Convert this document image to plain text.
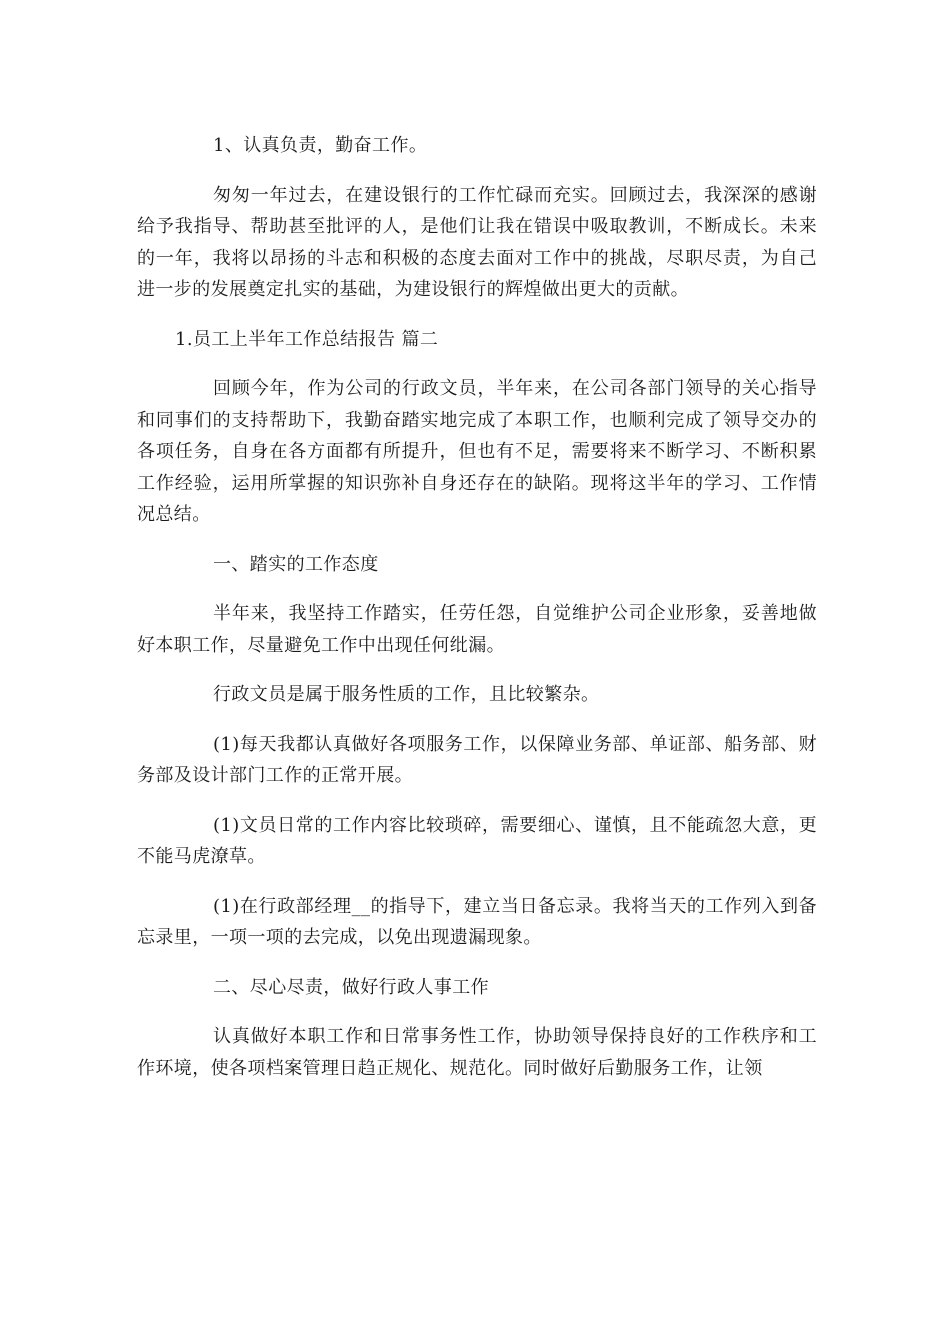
1、认真负责，勤奋工作。

匆匆一年过去，在建设银行的工作忙碌而充实。回顾过去，我深深的感谢给予我指导、帮助甚至批评的人，是他们让我在错误中吸取教训，不断成长。未来的一年，我将以昂扬的斗志和积极的态度去面对工作中的挑战，尽职尽责，为自己进一步的发展奠定扎实的基础，为建设银行的辉煌做出更大的贡献。

1.员工上半年工作总结报告 篇二

回顾今年，作为公司的行政文员，半年来，在公司各部门领导的关心指导和同事们的支持帮助下，我勤奋踏实地完成了本职工作，也顺利完成了领导交办的各项任务，自身在各方面都有所提升，但也有不足，需要将来不断学习、不断积累工作经验，运用所掌握的知识弥补自身还存在的缺陷。现将这半年的学习、工作情况总结。

一、踏实的工作态度

半年来，我坚持工作踏实，任劳任怨，自觉维护公司企业形象，妥善地做好本职工作，尽量避免工作中出现任何纰漏。

行政文员是属于服务性质的工作，且比较繁杂。

(1)每天我都认真做好各项服务工作，以保障业务部、单证部、船务部、财务部及设计部门工作的正常开展。

(1)文员日常的工作内容比较琐碎，需要细心、谨慎，且不能疏忽大意，更不能马虎潦草。

(1)在行政部经理__的指导下，建立当日备忘录。我将当天的工作列入到备忘录里，一项一项的去完成，以免出现遗漏现象。

二、尽心尽责，做好行政人事工作

认真做好本职工作和日常事务性工作，协助领导保持良好的工作秩序和工作环境，使各项档案管理日趋正规化、规范化。同时做好后勤服务工作，让领
